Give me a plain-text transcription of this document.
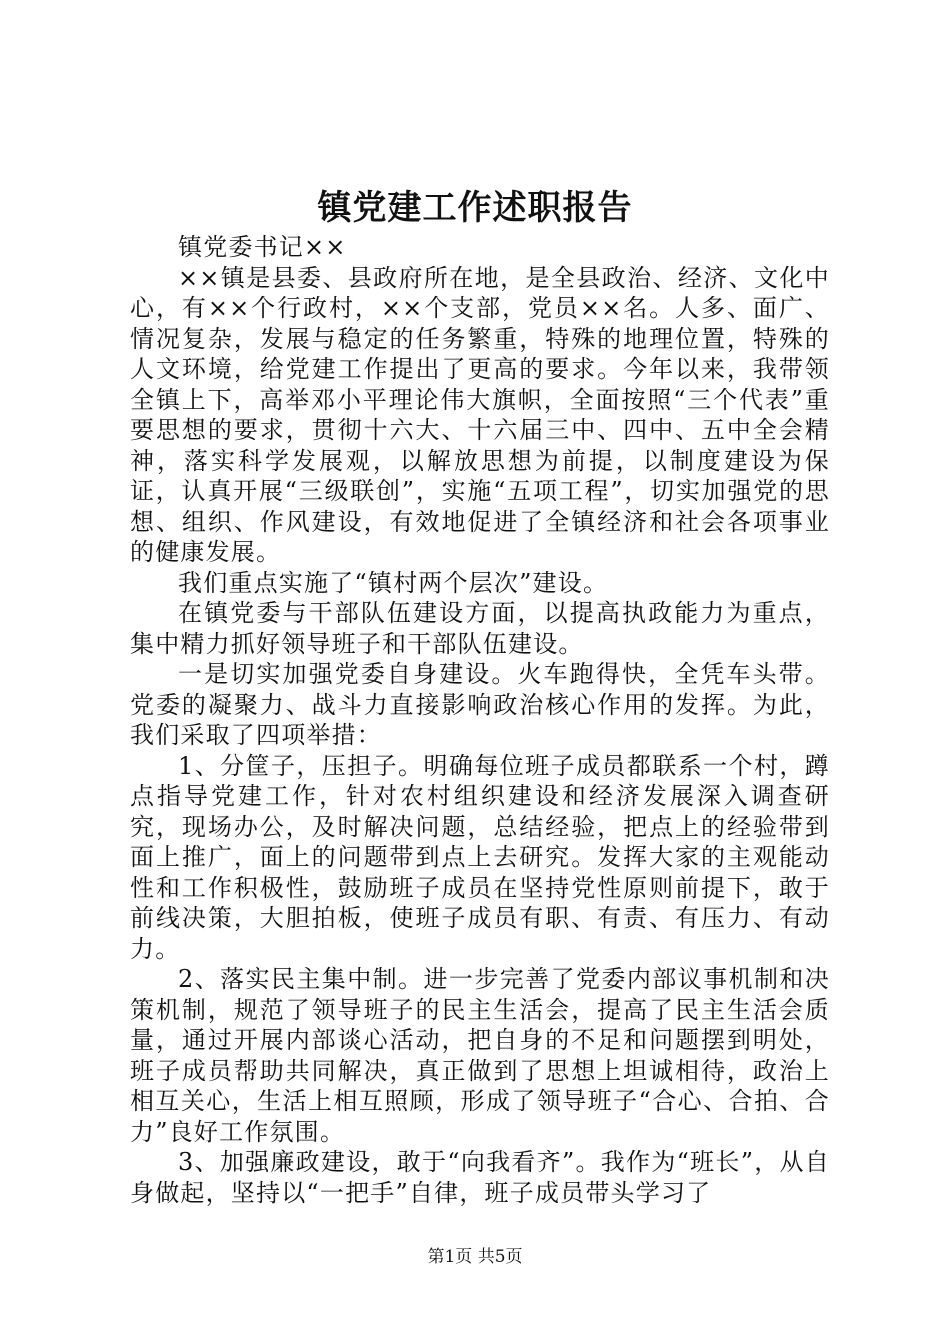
镇党建工作述职报告

镇党委书记××

××镇是县委、县政府所在地，是全县政治、经济、文化中心，有××个行政村，××个支部，党员××名。人多、面广、情况复杂，发展与稳定的任务繁重，特殊的地理位置，特殊的人文环境，给党建工作提出了更高的要求。今年以来，我带领全镇上下，高举邓小平理论伟大旗帜，全面按照“三个代表”重要思想的要求，贯彻十六大、十六届三中、四中、五中全会精神，落实科学发展观，以解放思想为前提，以制度建设为保证，认真开展“三级联创”，实施“五项工程”，切实加强党的思想、组织、作风建设，有效地促进了全镇经济和社会各项事业的健康发展。

我们重点实施了“镇村两个层次”建设。

在镇党委与干部队伍建设方面，以提高执政能力为重点，集中精力抓好领导班子和干部队伍建设。

一是切实加强党委自身建设。火车跑得快，全凭车头带。党委的凝聚力、战斗力直接影响政治核心作用的发挥。为此，我们采取了四项举措：

1、分筐子，压担子。明确每位班子成员都联系一个村，蹲点指导党建工作，针对农村组织建设和经济发展深入调查研究，现场办公，及时解决问题，总结经验，把点上的经验带到面上推广，面上的问题带到点上去研究。发挥大家的主观能动性和工作积极性，鼓励班子成员在坚持党性原则前提下，敢于前线决策，大胆拍板，使班子成员有职、有责、有压力、有动力。

2、落实民主集中制。进一步完善了党委内部议事机制和决策机制，规范了领导班子的民主生活会，提高了民主生活会质量，通过开展内部谈心活动，把自身的不足和问题摆到明处，班子成员帮助共同解决，真正做到了思想上坦诚相待，政治上相互关心，生活上相互照顾，形成了领导班子“合心、合拍、合力”良好工作氛围。

3、加强廉政建设，敢于“向我看齐”。我作为“班长”，从自身做起，坚持以“一把手”自律，班子成员带头学习了

第1页 共5页
